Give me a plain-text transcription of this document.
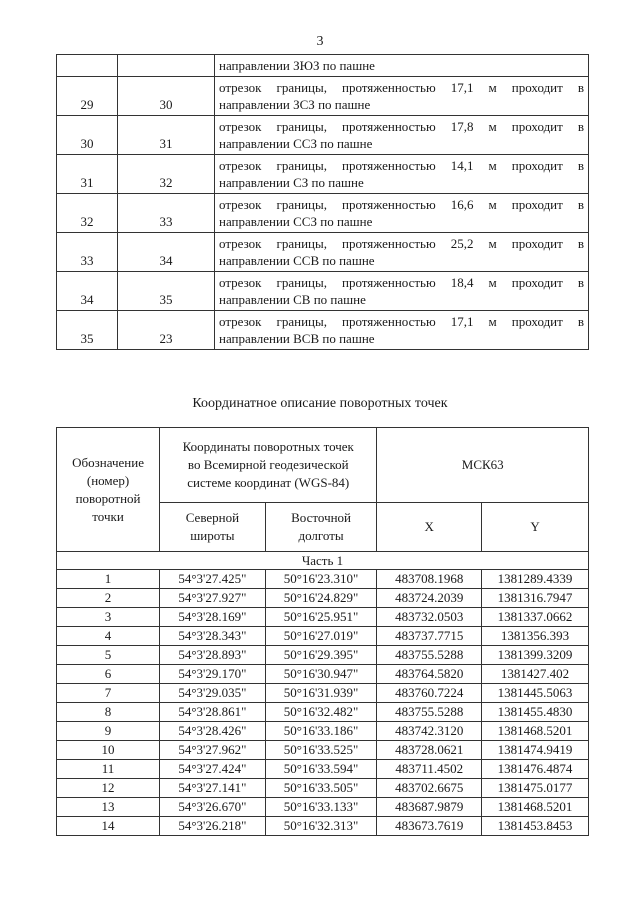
3
		направлении ЗЮЗ по пашне
29	30	отрезок границы, протяженностью 17,1 м проходит в
направлении ЗСЗ по пашне

30	31	отрезок границы, протяженностью 17,8 м проходит в
направлении ССЗ по пашне

31	32	отрезок границы, протяженностью 14,1 м проходит в
направлении СЗ по пашне

32	33	отрезок границы, протяженностью 16,6 м проходит в
направлении ССЗ по пашне

33	34	отрезок границы, протяженностью 25,2 м проходит в
направлении ССВ по пашне

34	35	отрезок границы, протяженностью 18,4 м проходит в
направлении СВ по пашне

35	23	отрезок границы, протяженностью 17,1 м проходит в
направлении ВСВ по пашне
Координатное описание поворотных точек
Обозначение (номер) поворотной точки	Координаты поворотных точек во Всемирной геодезической системе координат (WGS-84)		МСК63	
	Северной широты	Восточной долготы	X	Y
Часть 1				
1	54°3'27.425"	50°16'23.310"	483708.1968	1381289.4339
2	54°3'27.927"	50°16'24.829"	483724.2039	1381316.7947
3	54°3'28.169"	50°16'25.951"	483732.0503	1381337.0662
4	54°3'28.343"	50°16'27.019"	483737.7715	1381356.393
5	54°3'28.893"	50°16'29.395"	483755.5288	1381399.3209
6	54°3'29.170"	50°16'30.947"	483764.5820	1381427.402
7	54°3'29.035"	50°16'31.939"	483760.7224	1381445.5063
8	54°3'28.861"	50°16'32.482"	483755.5288	1381455.4830
9	54°3'28.426"	50°16'33.186"	483742.3120	1381468.5201
10	54°3'27.962"	50°16'33.525"	483728.0621	1381474.9419
11	54°3'27.424"	50°16'33.594"	483711.4502	1381476.4874
12	54°3'27.141"	50°16'33.505"	483702.6675	1381475.0177
13	54°3'26.670"	50°16'33.133"	483687.9879	1381468.5201
14	54°3'26.218"	50°16'32.313"	483673.7619	1381453.8453
